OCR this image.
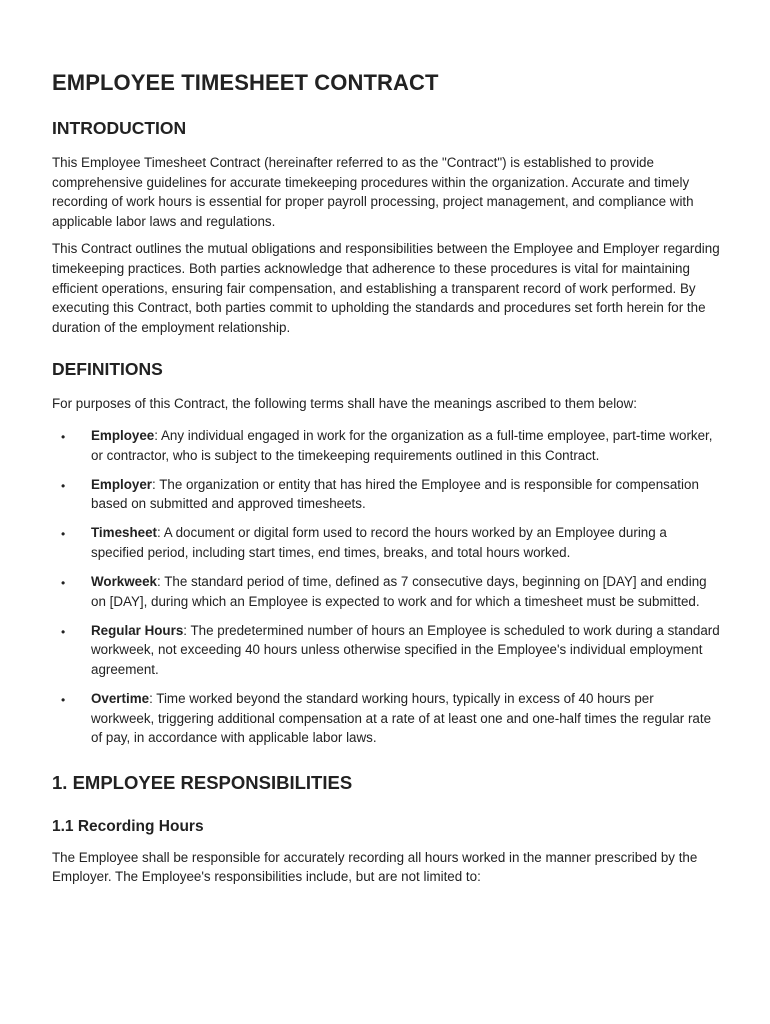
EMPLOYEE TIMESHEET CONTRACT
INTRODUCTION

This Employee Timesheet Contract (hereinafter referred to as the "Contract") is established to provide comprehensive guidelines for accurate timekeeping procedures within the organization. Accurate and timely recording of work hours is essential for proper payroll processing, project management, and compliance with applicable labor laws and regulations.

This Contract outlines the mutual obligations and responsibilities between the Employee and Employer regarding timekeeping practices. Both parties acknowledge that adherence to these procedures is vital for maintaining efficient operations, ensuring fair compensation, and establishing a transparent record of work performed. By executing this Contract, both parties commit to upholding the standards and procedures set forth herein for the duration of the employment relationship.

DEFINITIONS

For purposes of this Contract, the following terms shall have the meanings ascribed to them below:

• Employee: Any individual engaged in work for the organization as a full-time employee, part-time worker, or contractor, who is subject to the timekeeping requirements outlined in this Contract.
• Employer: The organization or entity that has hired the Employee and is responsible for compensation based on submitted and approved timesheets.
• Timesheet: A document or digital form used to record the hours worked by an Employee during a specified period, including start times, end times, breaks, and total hours worked.
• Workweek: The standard period of time, defined as 7 consecutive days, beginning on [DAY] and ending on [DAY], during which an Employee is expected to work and for which a timesheet must be submitted.
• Regular Hours: The predetermined number of hours an Employee is scheduled to work during a standard workweek, not exceeding 40 hours unless otherwise specified in the Employee's individual employment agreement.
• Overtime: Time worked beyond the standard working hours, typically in excess of 40 hours per workweek, triggering additional compensation at a rate of at least one and one-half times the regular rate of pay, in accordance with applicable labor laws.
1. EMPLOYEE RESPONSIBILITIES
1.1 Recording Hours

The Employee shall be responsible for accurately recording all hours worked in the manner prescribed by the Employer. The Employee's responsibilities include, but are not limited to:
